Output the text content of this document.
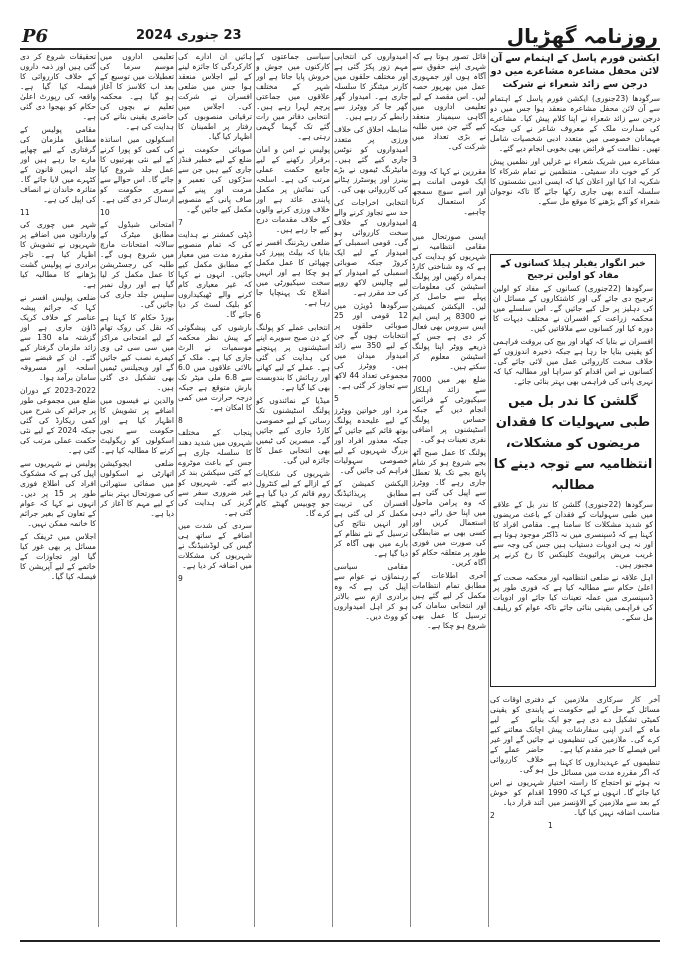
P6	23 جنوری 2024	روزنامہ گھڑیال
ایکشن فورم پاسل کے اہتمام سے آن لائن محفل مشاعرہ مشاعرے میں دو درجن سے زائد شعراء نے شرکت

سرگودھا (23جنوری) ایکشن فورم پاسل کے اہتمام سے آن لائن محفل مشاعرہ منعقد ہوا جس میں دو درجن سے زائد شعراء نے اپنا کلام پیش کیا۔ مشاعرے کی صدارت ملک کے معروف شاعر نے کی جبکہ مہمانان خصوصی میں متعدد ادبی شخصیات شامل تھیں۔ نظامت کے فرائض بھی بخوبی انجام دیے گئے۔

مشاعرے میں شریک شعراء نے غزلیں اور نظمیں پیش کر کے خوب داد سمیٹی۔ منتظمین نے تمام شرکاء کا شکریہ ادا کیا اور اعلان کیا کہ ایسی ادبی نشستوں کا سلسلہ آئندہ بھی جاری رکھا جائے گا تاکہ نوجوان شعراء کو آگے بڑھنے کا موقع مل سکے۔

خبر انگوار یفیلر ہیلڈ کسانوں کے مفاد کو اولین ترجیح

سرگودھا (22جنوری) کسانوں کے مفاد کو اولین ترجیح دی جائے گی اور کاشتکاروں کے مسائل ان کی دہلیز پر حل کیے جائیں گے۔ اس سلسلے میں محکمہ زراعت کے افسران نے مختلف دیہات کا دورہ کیا اور کسانوں سے ملاقاتیں کیں۔

افسران نے بتایا کہ کھاد اور بیج کی بروقت فراہمی کو یقینی بنایا جا رہا ہے جبکہ ذخیرہ اندوزوں کے خلاف سخت کارروائی عمل میں لائی جائے گی۔ کسانوں نے اس اقدام کو سراہا اور مطالبہ کیا کہ نہری پانی کی فراہمی بھی بہتر بنائی جائے۔

گلشن کا ندر بل میں طبی سہولیات کا فقدان مریضوں کو مشکلات، انتظامیہ سے توجہ دینے کا مطالبہ

سرگودھا (22جنوری) گلشن کا ندر بل کے علاقے میں طبی سہولیات کے فقدان کے باعث مریضوں کو شدید مشکلات کا سامنا ہے۔ مقامی افراد کا کہنا ہے کہ ڈسپنسری میں نہ ڈاکٹر موجود ہوتا ہے اور نہ ہی ادویات دستیاب ہیں جس کی وجہ سے غریب مریض پرائیویٹ کلینکس کا رخ کرنے پر مجبور ہیں۔

اہل علاقہ نے ضلعی انتظامیہ اور محکمہ صحت کے اعلیٰ حکام سے مطالبہ کیا ہے کہ فوری طور پر ڈسپنسری میں عملہ تعینات کیا جائے اور ادویات کی فراہمی یقینی بنائی جائے تاکہ عوام کو ریلیف مل سکے۔

آخر کار سرکاری ملازمین کے مسائل کے حل کے لیے حکومت نے کمیٹی تشکیل دے دی ہے جو ایک ماہ کے اندر اپنی سفارشات پیش کرے گی۔ ملازمین کی تنظیموں نے اس فیصلے کا خیر مقدم کیا ہے۔

تنظیموں کے عہدیداروں کا کہنا ہے کہ اگر مقررہ مدت میں مسائل حل نہ ہوئے تو احتجاج کا راستہ اختیار کیا جائے گا۔ انہوں نے کہا کہ 1990 کے بعد سے ملازمین کے الاؤنسز میں مناسب اضافہ نہیں کیا گیا۔

1

دفتری اوقات کی پابندی کو یقینی بنانے کے لیے اچانک معائنے کیے جائیں گے اور غیر حاضر عملے کے خلاف کارروائی ہو گی۔

شہریوں نے اس اقدام کو خوش آئند قرار دیا۔

2

قائل تصور ہوتا ہے کہ شہری اپنے حقوق سے آگاہ ہوں اور جمہوری عمل میں بھرپور حصہ لیں۔ اس مقصد کے لیے تعلیمی اداروں میں آگاہی سیمینار منعقد کیے گئے جن میں طلبہ نے بڑی تعداد میں شرکت کی۔

3

مقررین نے کہا کہ ووٹ ایک قومی امانت ہے اور اسے سوچ سمجھ کر استعمال کرنا چاہیے۔

4

ایسی صورتحال میں مقامی انتظامیہ نے شہریوں کو ہدایت کی ہے کہ وہ شناختی کارڈ ہمراہ رکھیں اور پولنگ اسٹیشن کی معلومات پہلے سے حاصل کر لیں۔ الیکشن کمیشن نے 8300 پر ایس ایم ایس سروس بھی فعال کر دی ہے جس کے ذریعے ووٹر اپنا پولنگ اسٹیشن معلوم کر سکتے ہیں۔

ضلع بھر میں 7000 سے زائد اہلکار سیکیورٹی کے فرائض انجام دیں گے جبکہ حساس پولنگ اسٹیشنوں پر اضافی نفری تعینات ہو گی۔

پولنگ کا عمل صبح آٹھ بجے شروع ہو کر شام پانچ بجے تک بلا تعطل جاری رہے گا۔ ووٹرز سے اپیل کی گئی ہے کہ وہ پرامن ماحول میں اپنا حق رائے دہی استعمال کریں اور کسی بھی بے ضابطگی کی صورت میں فوری طور پر متعلقہ حکام کو آگاہ کریں۔

آخری اطلاعات کے مطابق تمام انتظامات مکمل کر لیے گئے ہیں اور انتخابی سامان کی ترسیل کا عمل بھی شروع ہو چکا ہے۔

امیدواروں کی انتخابی مہم زور پکڑ گئی ہے اور مختلف حلقوں میں کارنر میٹنگز کا سلسلہ جاری ہے۔ امیدوار گھر گھر جا کر ووٹرز سے رابطے کر رہے ہیں۔

ضابطہ اخلاق کی خلاف ورزی پر متعدد امیدواروں کو نوٹس جاری کیے گئے ہیں۔ مانیٹرنگ ٹیموں نے بڑے بینرز اور پوسٹرز ہٹانے کی کارروائی بھی کی۔

انتخابی اخراجات کی حد سے تجاوز کرنے والے امیدواروں کے خلاف سخت کارروائی ہو گی۔ قومی اسمبلی کے امیدوار کے لیے ایک کروڑ جبکہ صوبائی اسمبلی کے امیدوار کے لیے چالیس لاکھ روپے کی حد مقرر ہے۔

سرگودھا ڈویژن میں 12 قومی اور 25 صوبائی حلقوں پر انتخابات ہوں گے جن کے لیے 350 سے زائد امیدوار میدان میں ہیں۔ ووٹرز کی مجموعی تعداد 44 لاکھ سے تجاوز کر گئی ہے۔

5

مرد اور خواتین ووٹرز کے لیے علیحدہ پولنگ بوتھ قائم کیے جائیں گے جبکہ معذور افراد اور بزرگ شہریوں کے لیے خصوصی سہولیات فراہم کی جائیں گی۔

الیکشن کمیشن کے مطابق پریذائیڈنگ افسران کی تربیت مکمل کر لی گئی ہے اور انہیں نتائج کی ترسیل کے نئے نظام کے بارے میں بھی آگاہ کر دیا گیا ہے۔

مقامی سیاسی رہنماؤں نے عوام سے اپیل کی ہے کہ وہ برادری ازم سے بالاتر ہو کر اہل امیدواروں کو ووٹ دیں۔

سیاسی جماعتوں کے کارکنوں میں جوش و خروش پایا جاتا ہے اور شہر کے مختلف علاقوں میں جماعتی پرچم لہرا رہے ہیں۔ انتخابی دفاتر میں رات گئے تک گہما گہمی رہتی ہے۔

پولیس نے امن و امان برقرار رکھنے کے لیے جامع حکمت عملی مرتب کی ہے۔ اسلحہ کی نمائش پر مکمل پابندی عائد ہے اور خلاف ورزی کرنے والوں کے خلاف مقدمات درج کیے جا رہے ہیں۔

ضلعی ریٹرننگ افسر نے بتایا کہ بیلٹ پیپرز کی چھپائی کا عمل مکمل ہو چکا ہے اور انہیں سخت سیکیورٹی میں اضلاع تک پہنچایا جا رہا ہے۔

6

انتخابی عملے کو پولنگ کے دن صبح سویرے اپنے اسٹیشنوں پر پہنچنے کی ہدایت کی گئی ہے۔ عملے کے لیے کھانے اور رہائش کا بندوبست بھی کیا گیا ہے۔

میڈیا کے نمائندوں کو پولنگ اسٹیشنوں تک رسائی کے لیے خصوصی کارڈ جاری کیے جائیں گے۔ مبصرین کی ٹیمیں بھی انتخابی عمل کا جائزہ لیں گی۔

شہریوں کی شکایات کے ازالے کے لیے کنٹرول روم قائم کر دیا گیا ہے جو چوبیس گھنٹے کام کرے گا۔

ہائیں ان ادارے کی کارکردگی کا جائزہ لینے کے لیے اجلاس منعقد ہوا جس میں ضلعی افسران نے شرکت کی۔ اجلاس میں ترقیاتی منصوبوں کی رفتار پر اطمینان کا اظہار کیا گیا۔

صوبائی حکومت نے ضلع کے لیے خطیر فنڈز جاری کیے ہیں جن سے سڑکوں کی تعمیر و مرمت اور پینے کے صاف پانی کے منصوبے مکمل کیے جائیں گے۔

7

ڈپٹی کمشنر نے ہدایت کی کہ تمام منصوبے مقررہ مدت میں معیار کے مطابق مکمل کیے جائیں۔ انہوں نے کہا کہ غیر معیاری کام کرنے والے ٹھیکیداروں کو بلیک لسٹ کر دیا جائے گا۔

بارشوں کی پیشگوئی کے پیش نظر محکمہ موسمیات نے الرٹ جاری کیا ہے۔ ملک کے بالائی علاقوں میں 6.0 سے 6.8 ملی میٹر تک بارش متوقع ہے جبکہ درجہ حرارت میں کمی کا امکان ہے۔

8

پنجاب کے مختلف شہروں میں شدید دھند کا سلسلہ جاری ہے جس کے باعث موٹروے کے کئی سیکشن بند کر دیے گئے۔ شہریوں کو غیر ضروری سفر سے گریز کی ہدایت کی گئی ہے۔

سردی کی شدت میں اضافے کے ساتھ ہی گیس کی لوڈشیڈنگ نے شہریوں کی مشکلات میں اضافہ کر دیا ہے۔

9

تعلیمی اداروں میں موسم سرما کی تعطیلات میں توسیع کے بعد اب کلاسز کا آغاز ہو گیا ہے۔ محکمہ تعلیم نے بچوں کی حاضری یقینی بنانے کی ہدایت کی ہے۔

اسکولوں میں اساتذہ کی کمی کو پورا کرنے کے لیے نئی بھرتیوں کا عمل جلد شروع کیا جائے گا۔ اس حوالے سے سمری حکومت کو ارسال کر دی گئی ہے۔

10

امتحانی شیڈول کے مطابق میٹرک کے سالانہ امتحانات مارچ میں شروع ہوں گے۔ طلبہ کی رجسٹریشن کا عمل مکمل کر لیا گیا ہے اور رول نمبر سلپس جلد جاری کی جائیں گی۔

بورڈ حکام کا کہنا ہے کہ نقل کی روک تھام کے لیے امتحانی مراکز میں سی سی ٹی وی کیمرے نصب کیے جائیں گے اور ویجیلنس ٹیمیں بھی تشکیل دی گئی ہیں۔

والدین نے فیسوں میں اضافے پر تشویش کا اظہار کیا ہے اور حکومت سے نجی اسکولوں کو ریگولیٹ کرنے کا مطالبہ کیا ہے۔

ضلعی ایجوکیشن اتھارٹی نے اسکولوں میں صفائی ستھرائی کی صورتحال بہتر بنانے کے لیے مہم کا آغاز کر دیا ہے۔

تحقیقات شروع کر دی گئی ہیں اور ذمہ داروں کے خلاف کارروائی کا فیصلہ کیا گیا ہے۔ واقعہ کی رپورٹ اعلیٰ حکام کو بھجوا دی گئی ہے۔

مقامی پولیس کے مطابق ملزمان کی گرفتاری کے لیے چھاپے مارے جا رہے ہیں اور جلد انہیں قانون کے کٹہرے میں لایا جائے گا۔ متاثرہ خاندان نے انصاف کی اپیل کی ہے۔

11

شہر میں چوری کی وارداتوں میں اضافے پر شہریوں نے تشویش کا اظہار کیا ہے۔ تاجر برادری نے پولیس گشت بڑھانے کا مطالبہ کیا ہے۔

ضلعی پولیس افسر نے کہا کہ جرائم پیشہ عناصر کے خلاف کریک ڈاؤن جاری ہے اور گزشتہ ماہ 130 سے زائد ملزمان گرفتار کیے گئے۔ ان کے قبضے سے اسلحہ اور مسروقہ سامان برآمد ہوا۔

2023-2022 کے دوران ضلع میں مجموعی طور پر جرائم کی شرح میں کمی ریکارڈ کی گئی جبکہ 2024 کے لیے نئی حکمت عملی مرتب کی گئی ہے۔

پولیس نے شہریوں سے اپیل کی ہے کہ مشکوک افراد کی اطلاع فوری طور پر 15 پر دیں۔ انہوں نے کہا کہ عوام کے تعاون کے بغیر جرائم کا خاتمہ ممکن نہیں۔

اجلاس میں ٹریفک کے مسائل پر بھی غور کیا گیا اور تجاوزات کے خاتمے کے لیے آپریشن کا فیصلہ کیا گیا۔
